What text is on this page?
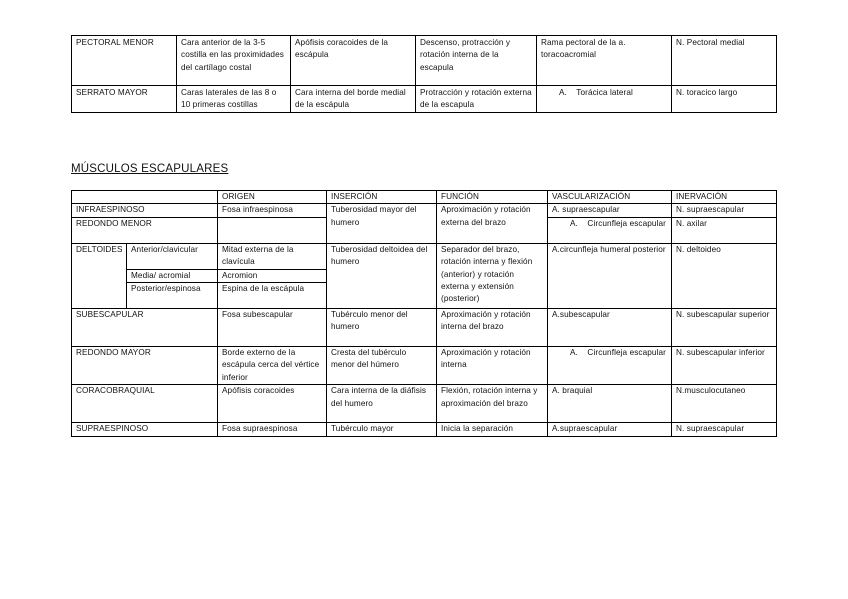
PECTORAL MENOR	Cara anterior de la 3-5 costilla en las proximidades del cartílago costal	Apófisis coracoides de la escápula	Descenso, protracción y rotación interna de la escapula	Rama pectoral de la a. toracoacromial	N. Pectoral medial
SERRATO MAYOR	Caras laterales de las 8 o 10 primeras costillas	Cara interna del borde medial de la escápula	Protracción y rotación externa de la escapula	A.    Torácica lateral	N. toracico largo
MÚSCULOS ESCAPULARES
		ORIGEN	INSERCIÓN	FUNCIÓN	VASCULARIZACIÓN	INERVACIÓN
INFRAESPINOSO		Fosa infraespinosa	Tuberosidad mayor del humero	Aproximación y rotación externa del brazo	A. supraescapular	N. supraescapular
REDONDO MENOR					A.    Circunfleja escapular	N. axilar
DELTOIDES	Anterior/clavicular	Mitad externa de la clavícula	Tuberosidad deltoidea del humero	Separador del brazo, rotación interna y flexión (anterior) y rotación externa y extensión (posterior)	A.circunfleja humeral posterior	N. deltoideo
	Media/ acromial	Acromion				
	Posterior/espinosa	Espina de la escápula				
SUBESCAPULAR		Fosa subescapular	Tubérculo menor del humero	Aproximación y rotación interna del brazo	A.subescapular	N. subescapular superior
REDONDO MAYOR		Borde externo de la escápula cerca del vértice inferior	Cresta del tubérculo menor del húmero	Aproximación y rotación interna	A.    Circunfleja escapular	N. subescapular inferior
CORACOBRAQUIAL		Apófisis coracoides	Cara interna de la diáfisis del humero	Flexión, rotación interna y aproximación del brazo	A. braquial	N.musculocutaneo
SUPRAESPINOSO		Fosa supraespinosa	Tubérculo mayor	Inicia la separación	A.supraescapular	N. supraescapular
